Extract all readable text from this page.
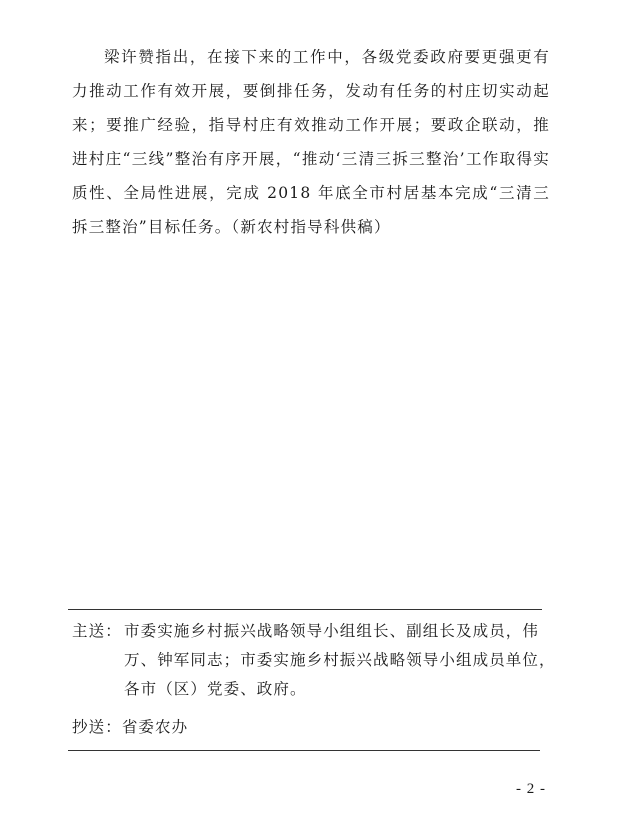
梁许赞指出，在接下来的工作中，各级党委政府要更强更有力推动工作有效开展，要倒排任务，发动有任务的村庄切实动起来；要推广经验，指导村庄有效推动工作开展；要政企联动，推进村庄“三线”整治有序开展，“推动‘三清三拆三整治’工作取得实质性、全局性进展，完成 2018 年底全市村居基本完成“三清三拆三整治”目标任务。（新农村指导科供稿）

主送： 市委实施乡村振兴战略领导小组组长、副组长及成员，伟
万、钟军同志；市委实施乡村振兴战略领导小组成员单位，
各市（区）党委、政府。
抄送：省委农办
- 2 -
